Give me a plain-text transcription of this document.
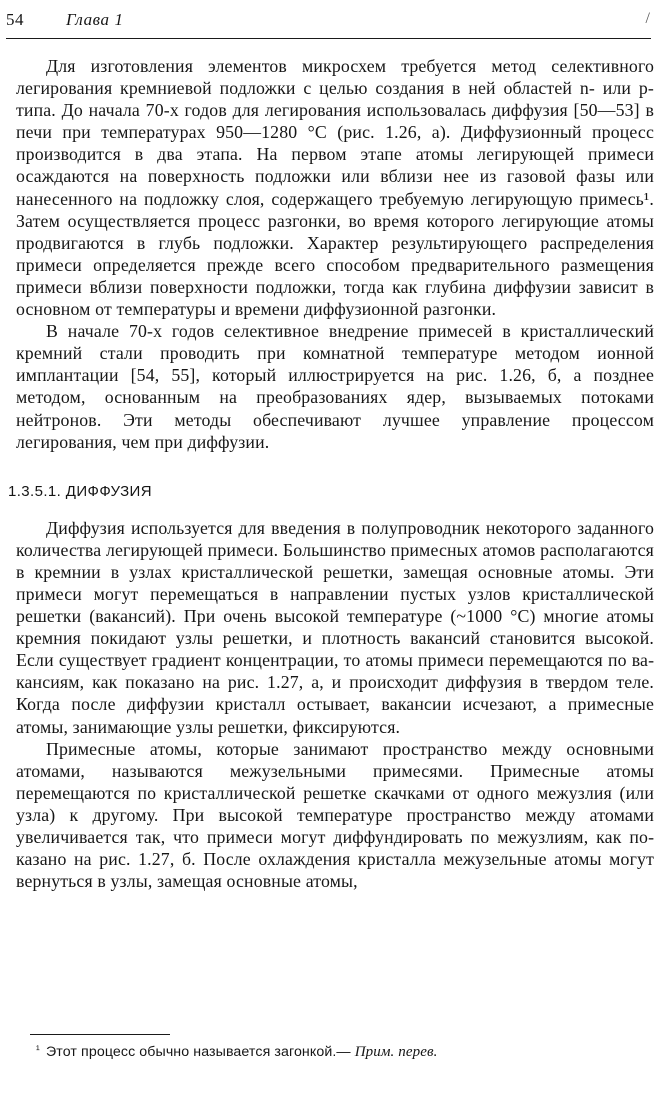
54 Глава 1	/

Для изготовления элементов микросхем требуется метод селективного легирования кремниевой подложки с целью создания в ней областей n- или p-типа. До начала 70-х годов для легирования использовалась диффузия [50—53] в печи при температурах 950—1280 °C (рис. 1.26, a). Диффузионный процесс производится в два этапа. На первом этапе атомы легирующей примеси осаждаются на поверхность подложки или вблизи нее из газовой фазы или нанесенного на подложку слоя, содержащего требуемую легирующую примесь¹. Затем осуществляется процесс разгонки, во время которого легирующие атомы продвигаются в глубь подложки. Характер результирующего распределения примеси определяется прежде всего способом предварительного размещения примеси вблизи поверхности подложки, тогда как глубина диффузии зависит в основном от температуры и времени диффузионной разгонки.

В начале 70-х годов селективное внедрение примесей в кристаллический кремний стали проводить при комнатной температуре методом ионной имплантации [54, 55], который иллюстрируется на рис. 1.26, б, а позднее методом, основанным на преобразованиях ядер, вызываемых потоками нейтронов. Эти методы обеспечивают лучшее управление процессом легирования, чем при диффузии.

1.3.5.1. ДИФФУЗИЯ

Диффузия используется для введения в полупроводник некоторого заданного количества легирующей примеси. Большинство примесных атомов располагаются в кремнии в узлах кристаллической решетки, замещая основные атомы. Эти примеси могут перемещаться в направлении пустых узлов кристаллической решетки (вакансий). При очень высокой температуре (~1000 °C) многие атомы кремния покидают узлы решетки, и плотность вакансий становится высокой. Если существует градиент концентрации, то атомы примеси перемещаются по вакансиям, как показано на рис. 1.27, a, и происходит диффузия в твердом теле. Когда после диффузии кристалл остывает, вакансии исчезают, а примесные атомы, занимающие узлы решетки, фиксируются.

Примесные атомы, которые занимают пространство между основными атомами, называются межузельными примесями. Примесные атомы перемещаются по кристаллической решетке скачками от одного межузлия (или узла) к другому. При высокой температуре пространство между атомами увеличивается так, что примеси могут диффундировать по межузлиям, как показано на рис. 1.27, б. После охлаждения кристалла межузельные атомы могут вернуться в узлы, замещая основные атомы,

¹ Этот процесс обычно называется загонкой.— Прим. перев.
